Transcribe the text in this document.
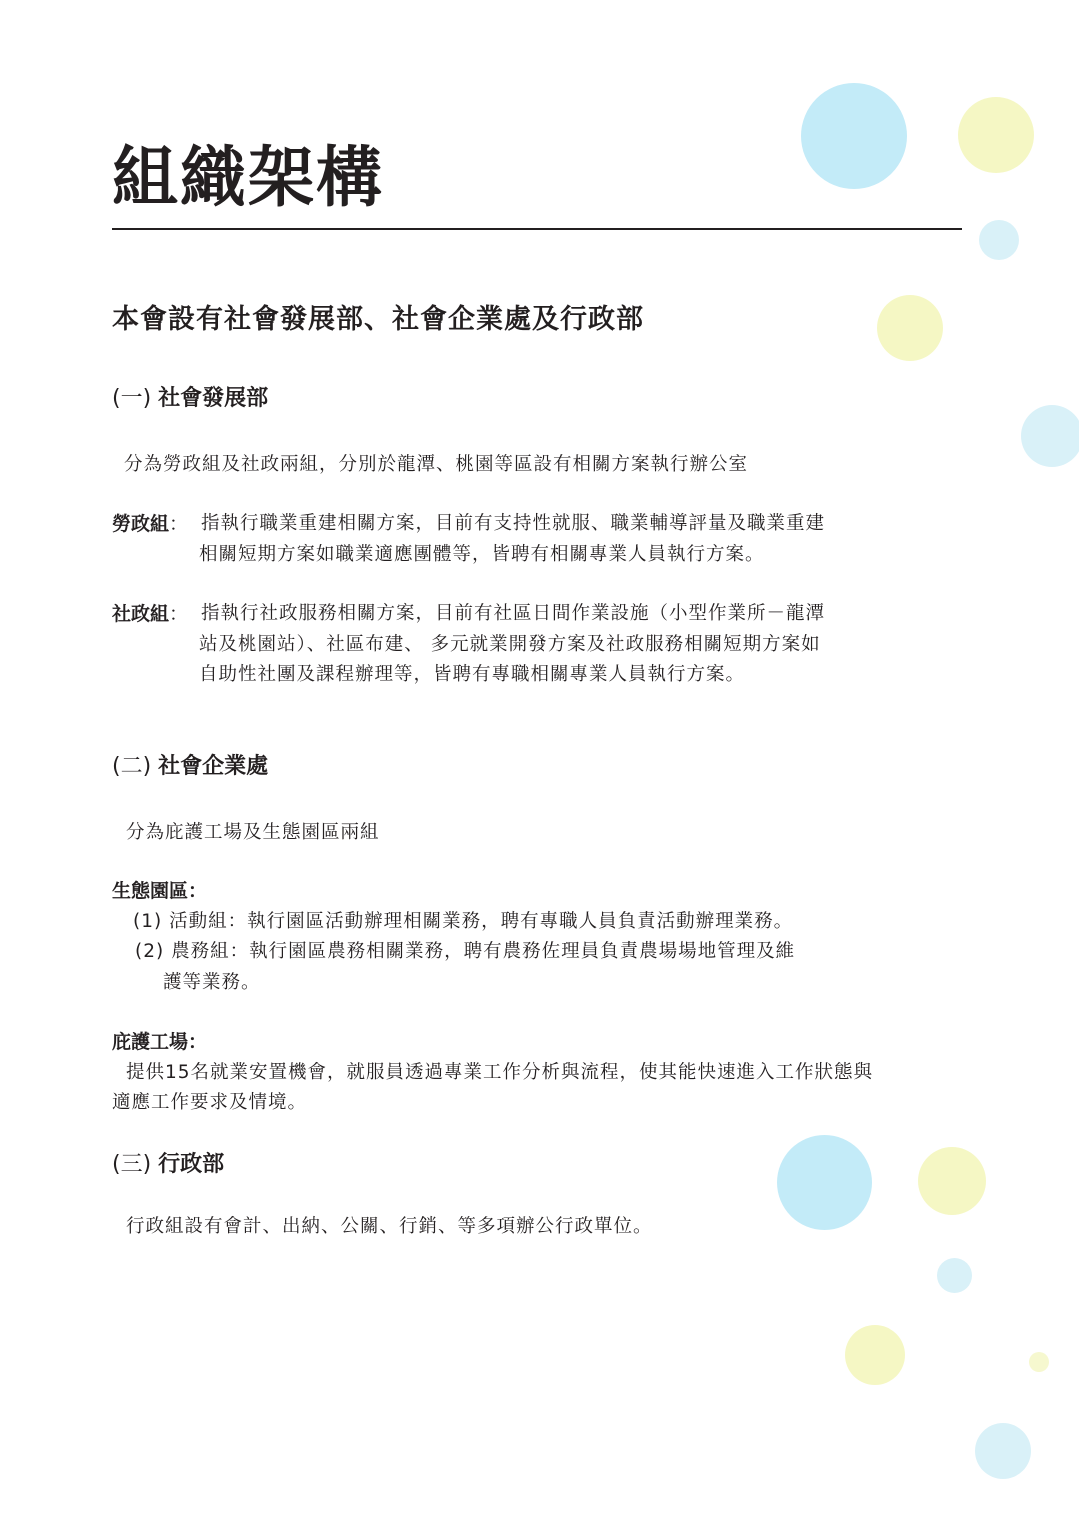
組織架構
本會設有社會發展部、社會企業處及行政部
(一) 社會發展部
分為勞政組及社政兩組，分別於龍潭、桃園等區設有相關方案執行辦公室
勞政組： 指執行職業重建相關方案，目前有支持性就服、職業輔導評量及職業重建
相關短期方案如職業適應團體等，皆聘有相關專業人員執行方案。
社政組： 指執行社政服務相關方案，目前有社區日間作業設施（小型作業所－龍潭
站及桃園站）、社區布建、 多元就業開發方案及社政服務相關短期方案如
自助性社團及課程辦理等，皆聘有專職相關專業人員執行方案。
(二) 社會企業處
分為庇護工場及生態園區兩組
生態園區：
(1) 活動組：執行園區活動辦理相關業務，聘有專職人員負責活動辦理業務。
(2) 農務組：執行園區農務相關業務，聘有農務佐理員負責農場場地管理及維
護等業務。
庇護工場：
提供15名就業安置機會，就服員透過專業工作分析與流程，使其能快速進入工作狀態與
適應工作要求及情境。
(三) 行政部
行政組設有會計、出納、公關、行銷、等多項辦公行政單位。
